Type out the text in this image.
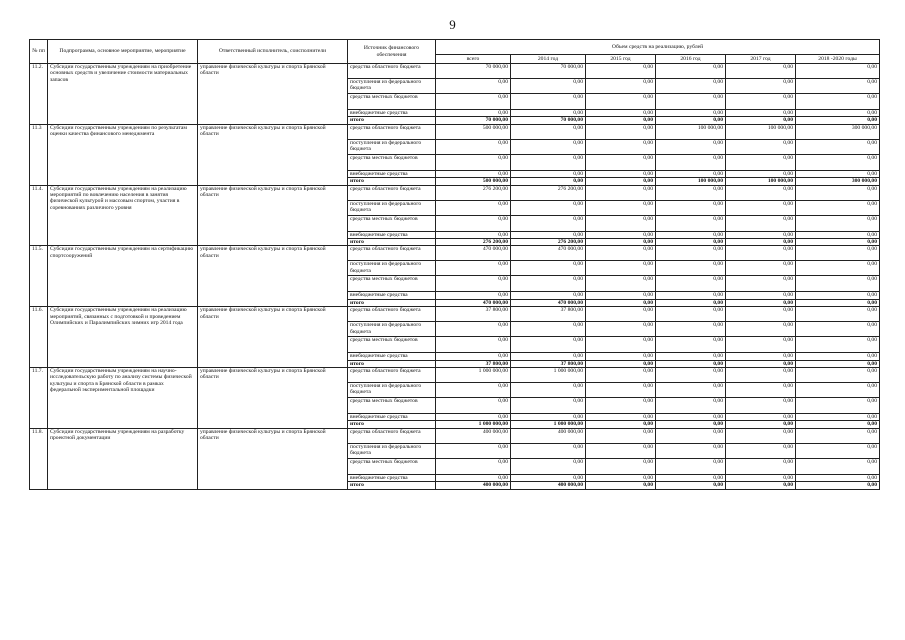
9
№ пп	Подпрограмма, основное мероприятие, мероприятие	Ответственный исполнитель, соисполнители	Источник финансового обеспечения	Объем средств на реализацию, рублей					
				всего	2014 год	2015 год	2016 год	2017 год	2018 -2020 годы
11.2.	Субсидии государственным учреждениям на приобретение основных средств и увеличение стоимости материальных запасов	управление физической культуры и спорта Брянской области	средства областного бюджета	70 000,00	70 000,00	0,00	0,00	0,00	0,00
			поступления из федерального бюджета	0,00	0,00	0,00	0,00	0,00	0,00
			средства местных бюджетов	0,00	0,00	0,00	0,00	0,00	0,00
			внебюджетные средства	0,00	0,00	0,00	0,00	0,00	0,00
			итого	70 000,00	70 000,00	0,00	0,00	0,00	0,00
11.3	Субсидии государственным учреждениям по результатам оценки качества финансового менеджмента	управление физической культуры и спорта Брянской области	средства областного бюджета	500 000,00	0,00	0,00	100 000,00	100 000,00	300 000,00
			поступления из федерального бюджета	0,00	0,00	0,00	0,00	0,00	0,00
			средства местных бюджетов	0,00	0,00	0,00	0,00	0,00	0,00
			внебюджетные средства	0,00	0,00	0,00	0,00	0,00	0,00
			итого	500 000,00	0,00	0,00	100 000,00	100 000,00	300 000,00
11.4.	Субсидии государственным учреждениям на реализацию мероприятий по вовлечению населения в занятия физической культурой и массовым спортом, участия в соревнованиях различного уровня	управление физической культуры и спорта Брянской области	средства областного бюджета	276 200,00	276 200,00	0,00	0,00	0,00	0,00
			поступления из федерального бюджета	0,00	0,00	0,00	0,00	0,00	0,00
			средства местных бюджетов	0,00	0,00	0,00	0,00	0,00	0,00
			внебюджетные средства	0,00	0,00	0,00	0,00	0,00	0,00
			итого	276 200,00	276 200,00	0,00	0,00	0,00	0,00
11.5.	Субсидии государственным учреждениям на сертификацию спортсооружений	управление физической культуры и спорта Брянской области	средства областного бюджета	470 000,00	470 000,00	0,00	0,00	0,00	0,00
			поступления из федерального бюджета	0,00	0,00	0,00	0,00	0,00	0,00
			средства местных бюджетов	0,00	0,00	0,00	0,00	0,00	0,00
			внебюджетные средства	0,00	0,00	0,00	0,00	0,00	0,00
			итого	470 000,00	470 000,00	0,00	0,00	0,00	0,00
11.6.	Субсидии государственным учреждениям на реализацию мероприятий, связанных с подготовкой и проведением Олимпийских и Паралимпийских зимних игр 2014 года	управление физической культуры и спорта Брянской области	средства областного бюджета	37 800,00	37 800,00	0,00	0,00	0,00	0,00
			поступления из федерального бюджета	0,00	0,00	0,00	0,00	0,00	0,00
			средства местных бюджетов	0,00	0,00	0,00	0,00	0,00	0,00
			внебюджетные средства	0,00	0,00	0,00	0,00	0,00	0,00
			итого	37 800,00	37 800,00	0,00	0,00	0,00	0,00
11.7.	Субсидии государственным учреждениям на научно-исследовательскую работу по анализу системы физической культуры и спорта в Брянской области в рамках федеральной экспериментальной площадки	управление физической культуры и спорта Брянской области	средства областного бюджета	1 000 000,00	1 000 000,00	0,00	0,00	0,00	0,00
			поступления из федерального бюджета	0,00	0,00	0,00	0,00	0,00	0,00
			средства местных бюджетов	0,00	0,00	0,00	0,00	0,00	0,00
			внебюджетные средства	0,00	0,00	0,00	0,00	0,00	0,00
			итого	1 000 000,00	1 000 000,00	0,00	0,00	0,00	0,00
11.8.	Субсидии государственным учреждениям на разработку проектной документации	управление физической культуры и спорта Брянской области	средства областного бюджета	400 000,00	400 000,00	0,00	0,00	0,00	0,00
			поступления из федерального бюджета	0,00	0,00	0,00	0,00	0,00	0,00
			средства местных бюджетов	0,00	0,00	0,00	0,00	0,00	0,00
			внебюджетные средства	0,00	0,00	0,00	0,00	0,00	0,00
			итого	400 000,00	400 000,00	0,00	0,00	0,00	0,00
